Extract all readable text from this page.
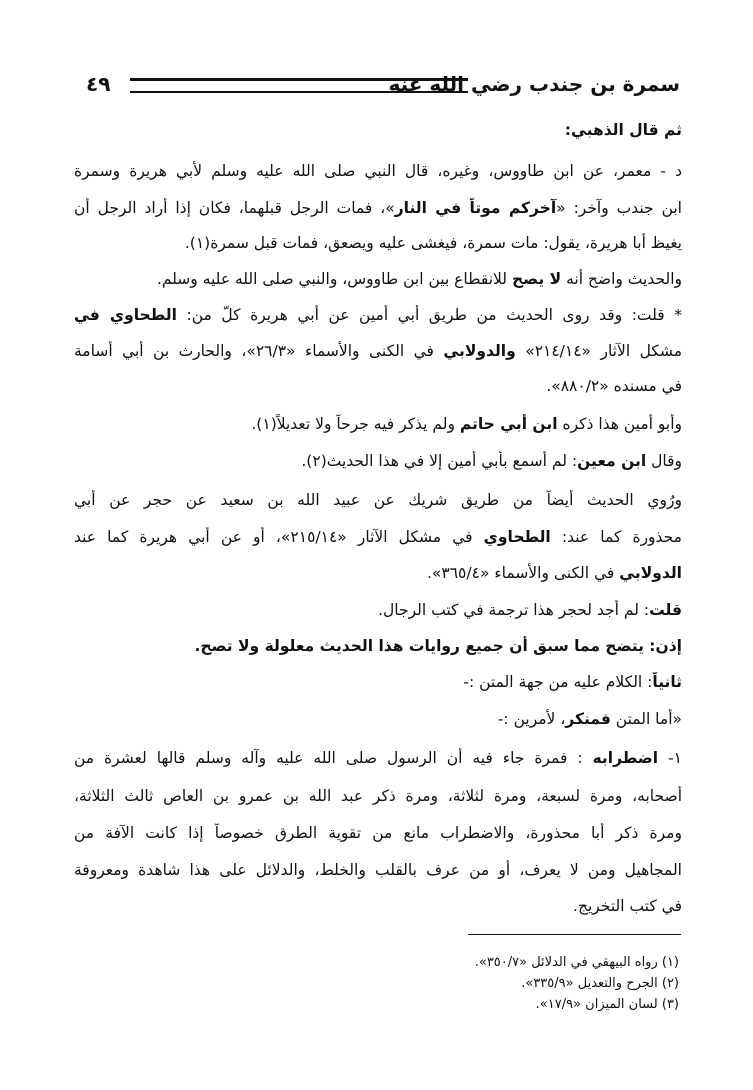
سمرة بن جندب رضي الله عنه
٤٩
ثم قال الذهبي:
د - معمر، عن ابن طاووس، وغيره، قال النبي صلى الله عليه وسلم لأبي هريرة وسمرة
ابن جندب وآخر: «آخركم موتاً في النار»، فمات الرجل قبلهما، فكان إذا أراد الرجل أن
يغيظ أبا هريرة، يقول: مات سمرة، فيغشى عليه ويصعق، فمات قبل سمرة(١).
والحديث واضح أنه لا يصح للانقطاع بين ابن طاووس، والنبي صلى الله عليه وسلم.
* قلت: وقد روى الحديث من طريق أبي أمين عن أبي هريرة كلٌّ من: الطحاوي في
مشكل الآثار «٢١٤/١٤» والدولابي في الكنى والأسماء «٢٦/٣»، والحارث بن أبي أسامة
في مسنده «٨٨٠/٢».
وأبو أمين هذا ذكره ابن أبي حاتم ولم يذكر فيه جرحاً ولا تعديلاً(١).
وقال ابن معين: لم أسمع بأبي أمين إلا في هذا الحديث(٢).
ورُوي الحديث أيضاً من طريق شريك عن عبيد الله بن سعيد عن حجر عن أبي
محذورة كما عند: الطحاوي في مشكل الآثار «٢١٥/١٤»، أو عن أبي هريرة كما عند
الدولابي في الكنى والأسماء «٣٦٥/٤».
قلت: لم أجد لحجر هذا ترجمة في كتب الرجال.
إذن: يتضح مما سبق أن جميع روايات هذا الحديث معلولة ولا تصح.
ثانياً: الكلام عليه من جهة المتن :-
«أما المتن فمنكر، لأمرين :-
١- اضطرابه : فمرة جاء فيه أن الرسول صلى الله عليه وآله وسلم قالها لعشرة من
أصحابه، ومرة لسبعة، ومرة لثلاثة، ومرة ذكر عبد الله بن عمرو بن العاص ثالث الثلاثة،
ومرة ذكر أبا محذورة، والاضطراب مانع من تقوية الطرق خصوصاً إذا كانت الآفة من
المجاهيل ومن لا يعرف، أو من عرف بالقلب والخلط، والدلائل على هذا شاهدة ومعروفة
في كتب التخريج.
(١) رواه البيهقي في الدلائل «٣٥٠/٧».
(٢) الجرح والتعديل «٣٣٥/٩».
(٣) لسان الميزان «١٧/٩».
